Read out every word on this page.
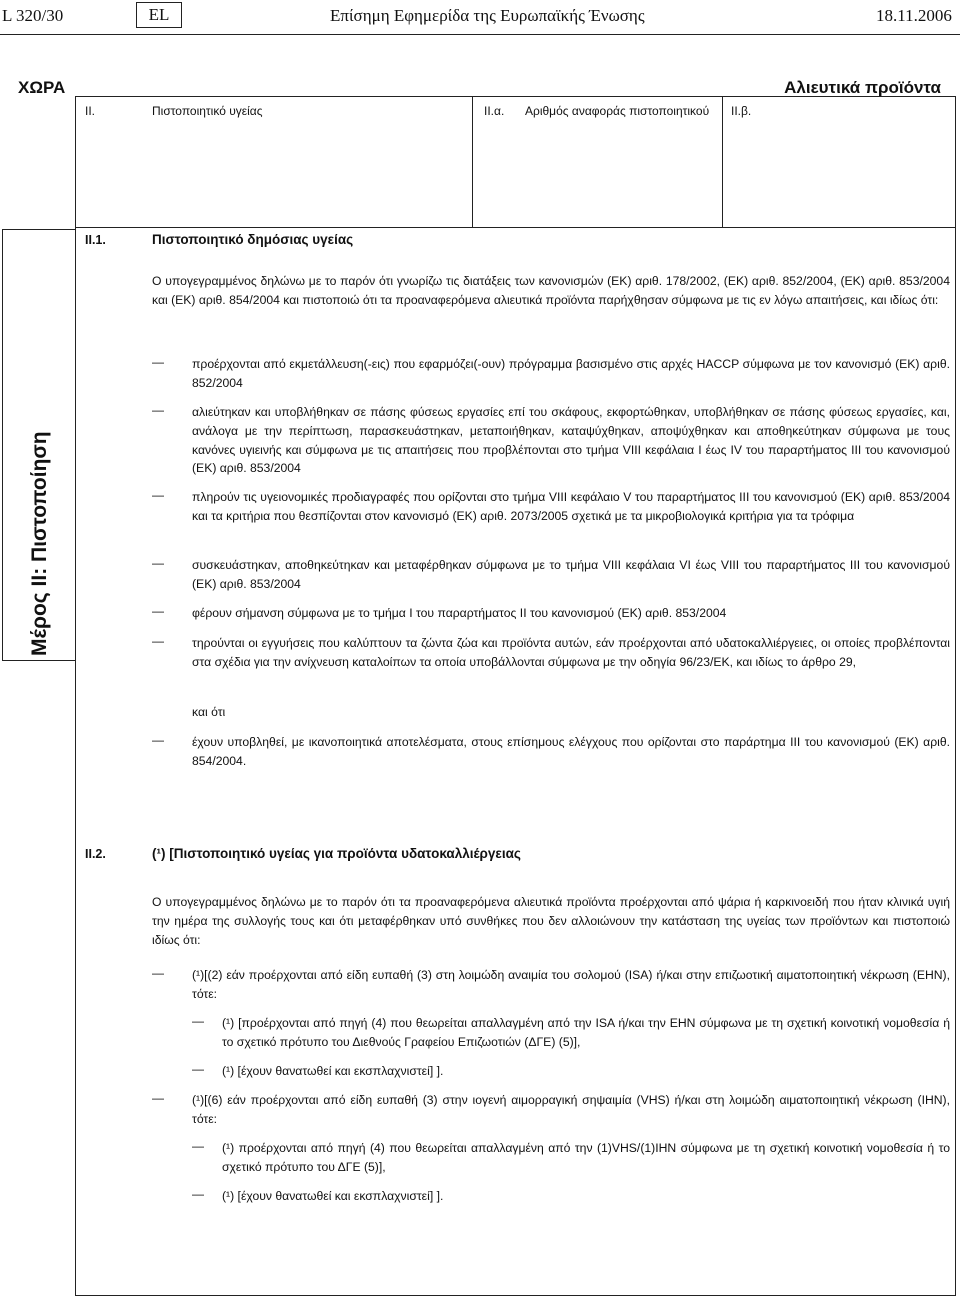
L 320/30	EL	Επίσημη Εφημερίδα της Ευρωπαϊκής Ένωσης	18.11.2006
ΧΩΡΑ	Αλιευτικά προϊόντα
II.	Πιστοποιητικό υγείας	II.α. Αριθμός αναφοράς πιστοποιητικού II.β.
Μέρος II: Πιστοποίηση
II.1.	Πιστοποιητικό δημόσιας υγείας
Ο υπογεγραμμένος δηλώνω με το παρόν ότι γνωρίζω τις διατάξεις των κανονισμών (ΕΚ) αριθ. 178/2002, (ΕΚ) αριθ. 852/2004, (ΕΚ) αριθ. 853/2004 και (ΕΚ) αριθ. 854/2004 και πιστοποιώ ότι τα προαναφερόμενα αλιευτικά προϊόντα παρήχθησαν σύμφωνα με τις εν λόγω απαιτήσεις, και ιδίως ότι:
— προέρχονται από εκμετάλλευση(-εις) που εφαρμόζει(-ουν) πρόγραμμα βασισμένο στις αρχές HACCP σύμφωνα με τον κανονισμό (ΕΚ) αριθ. 852/2004
— αλιεύτηκαν και υποβλήθηκαν σε πάσης φύσεως εργασίες επί του σκάφους, εκφορτώθηκαν, υποβλήθηκαν σε πάσης φύσεως εργασίες, και, ανάλογα με την περίπτωση, παρασκευάστηκαν, μεταποιήθηκαν, καταψύχθηκαν, αποψύχθηκαν και αποθηκεύτηκαν σύμφωνα με τους κανόνες υγιεινής και σύμφωνα με τις απαιτήσεις που προβλέπονται στο τμήμα VIII κεφάλαια I έως IV του παραρτήματος III του κανονισμού (ΕΚ) αριθ. 853/2004
— πληρούν τις υγειονομικές προδιαγραφές που ορίζονται στο τμήμα VIII κεφάλαιο V του παραρτήματος III του κανονισμού (ΕΚ) αριθ. 853/2004 και τα κριτήρια που θεσπίζονται στον κανονισμό (ΕΚ) αριθ. 2073/2005 σχετικά με τα μικροβιολογικά κριτήρια για τα τρόφιμα
— συσκευάστηκαν, αποθηκεύτηκαν και μεταφέρθηκαν σύμφωνα με το τμήμα VIII κεφάλαια VI έως VIII του παραρτήματος III του κανονισμού (ΕΚ) αριθ. 853/2004
— φέρουν σήμανση σύμφωνα με το τμήμα I του παραρτήματος II του κανονισμού (ΕΚ) αριθ. 853/2004
— τηρούνται οι εγγυήσεις που καλύπτουν τα ζώντα ζώα και προϊόντα αυτών, εάν προέρχονται από υδατοκαλλιέργειες, οι οποίες προβλέπονται στα σχέδια για την ανίχνευση καταλοίπων τα οποία υποβάλλονται σύμφωνα με την οδηγία 96/23/ΕΚ, και ιδίως το άρθρο 29,
και ότι
— έχουν υποβληθεί, με ικανοποιητικά αποτελέσματα, στους επίσημους ελέγχους που ορίζονται στο παράρτημα III του κανονισμού (ΕΚ) αριθ. 854/2004.
II.2.	(¹) [Πιστοποιητικό υγείας για προϊόντα υδατοκαλλιέργειας
Ο υπογεγραμμένος δηλώνω με το παρόν ότι τα προαναφερόμενα αλιευτικά προϊόντα προέρχονται από ψάρια ή καρκινοειδή που ήταν κλινικά υγιή την ημέρα της συλλογής τους και ότι μεταφέρθηκαν υπό συνθήκες που δεν αλλοιώνουν την κατάσταση της υγείας των προϊόντων και πιστοποιώ ιδίως ότι:
— (¹)[(2) εάν προέρχονται από είδη ευπαθή (3) στη λοιμώδη αναιμία του σολομού (ISA) ή/και στην επιζωοτική αιματοποιητική νέκρωση (EHN), τότε:
— (¹) [προέρχονται από πηγή (4) που θεωρείται απαλλαγμένη από την ISA ή/και την EHN σύμφωνα με τη σχετική κοινοτική νομοθεσία ή το σχετικό πρότυπο του Διεθνούς Γραφείου Επιζωοτιών (ΔΓΕ) (5)],
— (¹) [έχουν θανατωθεί και εκσπλαχνιστεί] ].
— (¹)[(6) εάν προέρχονται από είδη ευπαθή (3) στην ιογενή αιμορραγική σηψαιμία (VHS) ή/και στη λοιμώδη αιματοποιητική νέκρωση (IHN), τότε:
— (¹) προέρχονται από πηγή (4) που θεωρείται απαλλαγμένη από την (1)VHS/(1)IHN σύμφωνα με τη σχετική κοινοτική νομοθεσία ή το σχετικό πρότυπο του ΔΓΕ (5)],
— (¹) [έχουν θανατωθεί και εκσπλαχνιστεί] ].
